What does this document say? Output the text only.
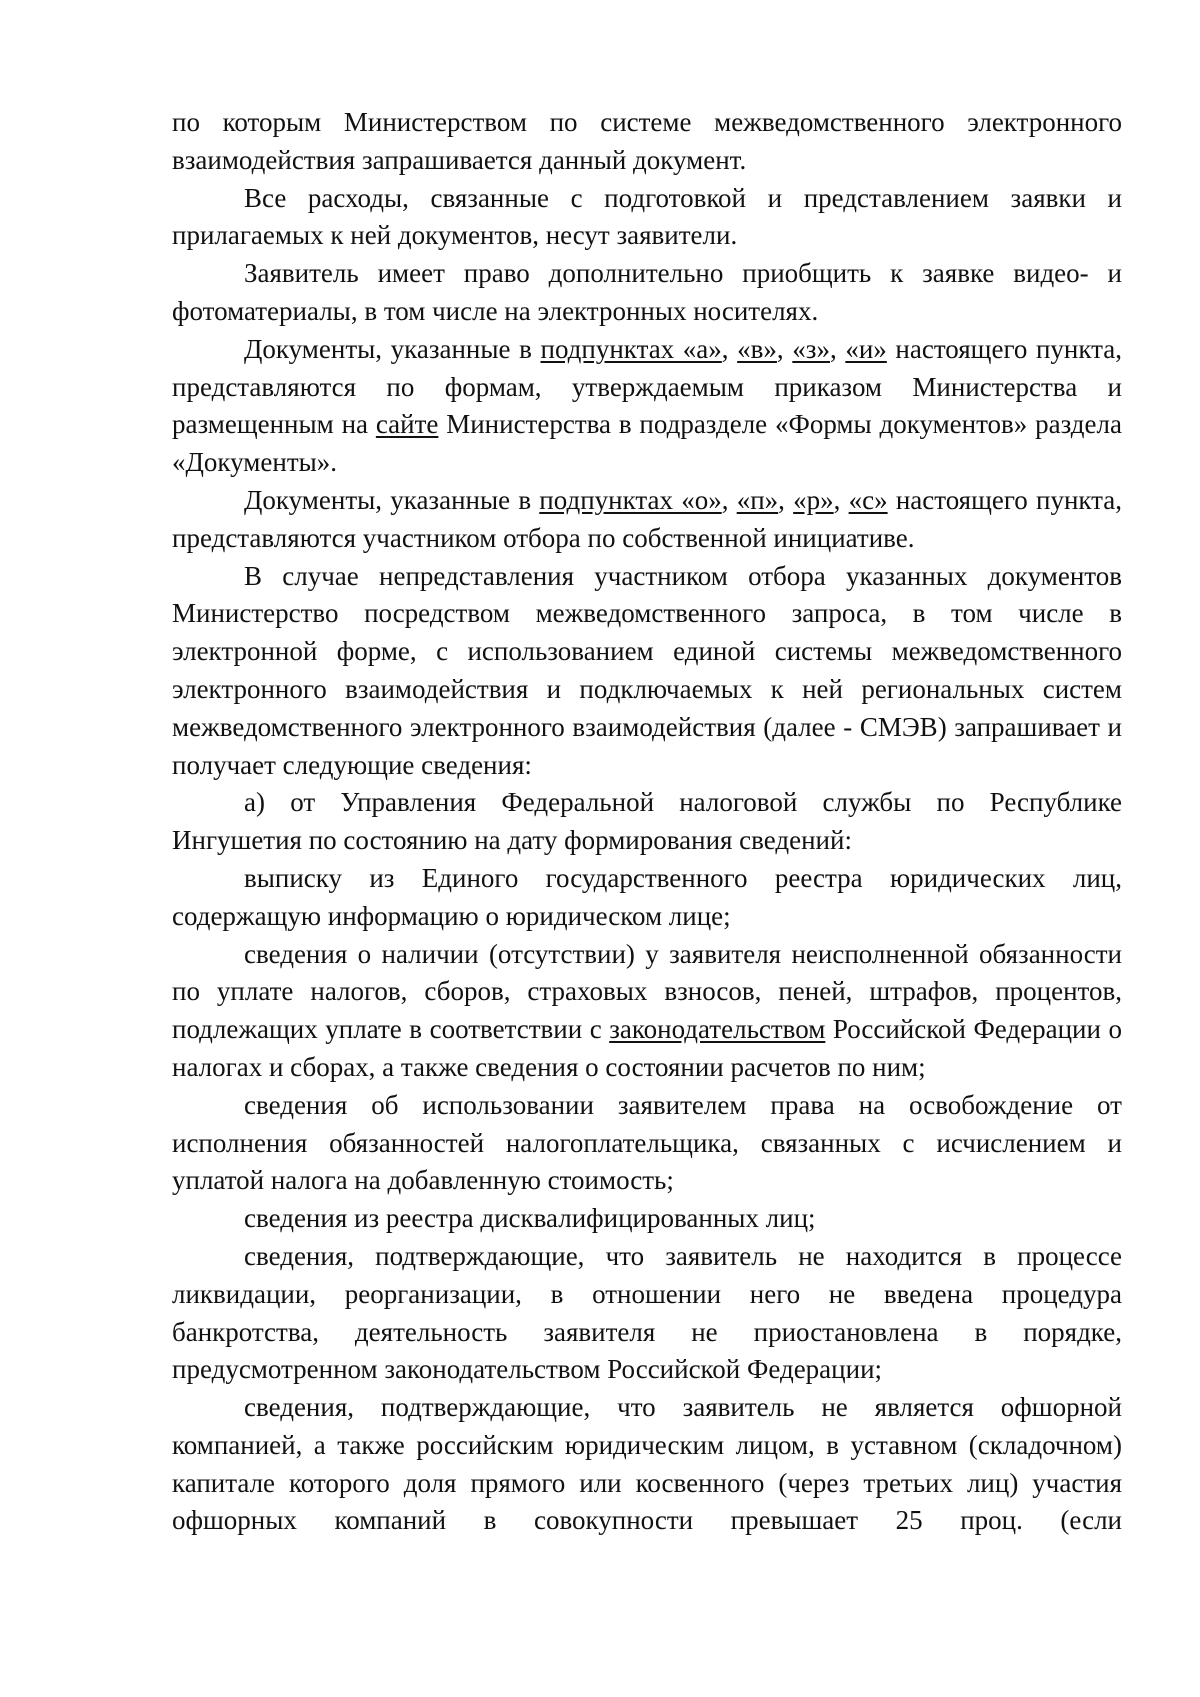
по которым Министерством по системе межведомственного электронного взаимодействия запрашивается данный документ.

Все расходы, связанные с подготовкой и представлением заявки и прилагаемых к ней документов, несут заявители.

Заявитель имеет право дополнительно приобщить к заявке видео- и фотоматериалы, в том числе на электронных носителях.

Документы, указанные в подпунктах «а», «в», «з», «и» настоящего пункта, представляются по формам, утверждаемым приказом Министерства и размещенным на сайте Министерства в подразделе «Формы документов» раздела «Документы».

Документы, указанные в подпунктах «о», «п», «р», «с» настоящего пункта, представляются участником отбора по собственной инициативе.

В случае непредставления участником отбора указанных документов Министерство посредством межведомственного запроса, в том числе в электронной форме, с использованием единой системы межведомственного электронного взаимодействия и подключаемых к ней региональных систем межведомственного электронного взаимодействия (далее - СМЭВ) запрашивает и получает следующие сведения:

а) от Управления Федеральной налоговой службы по Республике Ингушетия по состоянию на дату формирования сведений:

выписку из Единого государственного реестра юридических лиц, содержащую информацию о юридическом лице;

сведения о наличии (отсутствии) у заявителя неисполненной обязанности по уплате налогов, сборов, страховых взносов, пеней, штрафов, процентов, подлежащих уплате в соответствии с законодательством Российской Федерации о налогах и сборах, а также сведения о состоянии расчетов по ним;

сведения об использовании заявителем права на освобождение от исполнения обязанностей налогоплательщика, связанных с исчислением и уплатой налога на добавленную стоимость;

сведения из реестра дисквалифицированных лиц;

сведения, подтверждающие, что заявитель не находится в процессе ликвидации, реорганизации, в отношении него не введена процедура банкротства, деятельность заявителя не приостановлена в порядке, предусмотренном законодательством Российской Федерации;

сведения, подтверждающие, что заявитель не является офшорной компанией, а также российским юридическим лицом, в уставном (складочном) капитале которого доля прямого или косвенного (через третьих лиц) участия офшорных компаний в совокупности превышает 25 проц. (если
